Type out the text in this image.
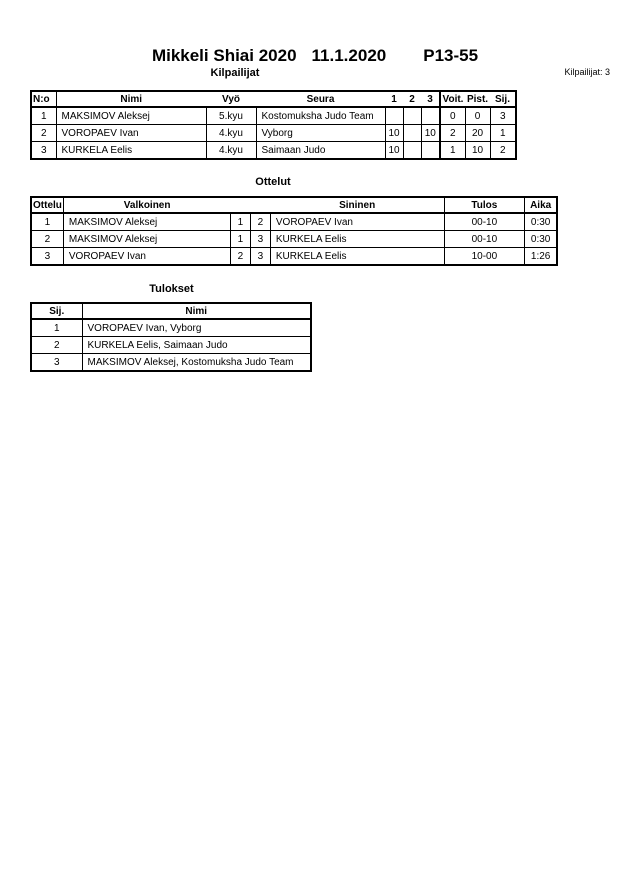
Mikkeli Shiai 2020 11.1.2020 P13-55
Kilpailijat	Kilpailijat: 3
N:o	Nimi	Vyö	Seura	1	2	3	Voit.	Pist.	Sij.
1	MAKSIMOV Aleksej	5.kyu	Kostomuksha Judo Team				0	0	3
2	VOROPAEV Ivan	4.kyu	Vyborg	10		10	2	20	1
3	KURKELA Eelis	4.kyu	Saimaan Judo	10			1	10	2
Ottelut
Ottelu	Valkoinen			Sininen	Tulos	Aika
1	MAKSIMOV Aleksej	1	2	VOROPAEV Ivan	00-10	0:30
2	MAKSIMOV Aleksej	1	3	KURKELA Eelis	00-10	0:30
3	VOROPAEV Ivan	2	3	KURKELA Eelis	10-00	1:26
Tulokset
Sij.	Nimi
1	VOROPAEV Ivan, Vyborg
2	KURKELA Eelis, Saimaan Judo
3	MAKSIMOV Aleksej, Kostomuksha Judo Team
